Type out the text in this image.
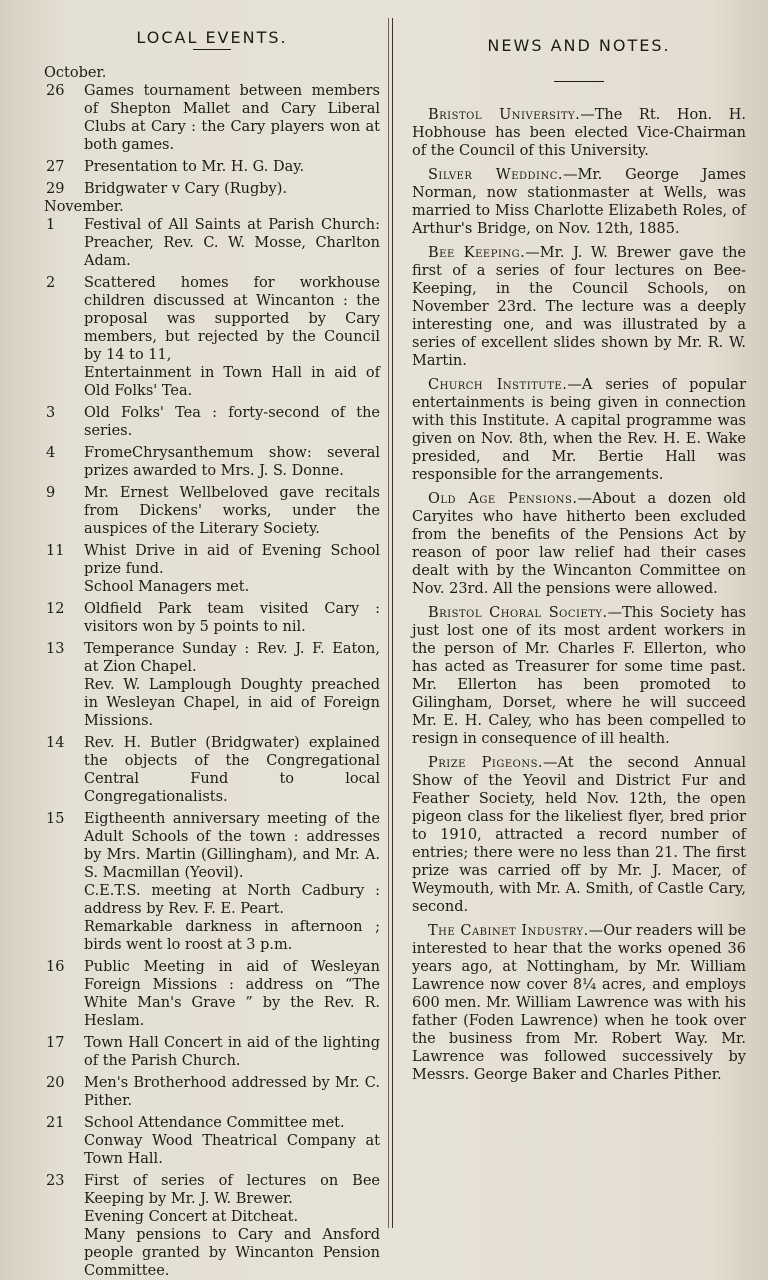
LOCAL EVENTS.
October.
26	Games tournament between members of Shepton Mallet and Cary Liberal Clubs at Cary : the Cary players won at both games.
27	Presentation to Mr. H. G. Day.
29	Bridgwater v Cary (Rugby).
November.
1	Festival of All Saints at Parish Church: Preacher, Rev. C. W. Mosse, Charlton Adam.
2	Scattered homes for workhouse children discussed at Wincanton : the proposal was supported by Cary members, but rejected by the Council by 14 to 11,
Entertainment in Town Hall in aid of Old Folks' Tea.
3	Old Folks' Tea : forty-second of the series.
4	FromeChrysanthemum show: several prizes awarded to Mrs. J. S. Donne.
9	Mr. Ernest Wellbeloved gave recitals from Dickens' works, under the auspices of the Literary Society.
11	Whist Drive in aid of Evening School prize fund.
School Managers met.
12	Oldfield Park team visited Cary : visitors won by 5 points to nil.
13	Temperance Sunday : Rev. J. F. Eaton, at Zion Chapel.
Rev. W. Lamplough Doughty preached in Wesleyan Chapel, in aid of Foreign Missions.
14	Rev. H. Butler (Bridgwater) explained the objects of the Congregational Central Fund to local Congregationalists.
15	Eigtheenth anniversary meeting of the Adult Schools of the town : addresses by Mrs. Martin (Gillingham), and Mr. A. S. Macmillan (Yeovil).
C.E.T.S. meeting at North Cadbury : address by Rev. F. E. Peart.
Remarkable darkness in afternoon ; birds went lo roost at 3 p.m.
16	Public Meeting in aid of Wesleyan Foreign Missions : address on “The White Man's Grave ” by the Rev. R. Heslam.
17	Town Hall Concert in aid of the lighting of the Parish Church.
20	Men's Brotherhood addressed by Mr. C. Pither.
21	School Attendance Committee met.
Conway Wood Theatrical Company at Town Hall.
23	First of series of lectures on Bee Keeping by Mr. J. W. Brewer.
Evening Concert at Ditcheat.
Many pensions to Cary and Ansford people granted by Wincanton Pension Committee.
NEWS AND NOTES.

Bristol University.—The Rt. Hon. H. Hobhouse has been elected Vice-Chairman of the Council of this University.

Silver Weddinc.—Mr. George James Norman, now stationmaster at Wells, was married to Miss Charlotte Elizabeth Roles, of Arthur's Bridge, on Nov. 12th, 1885.

Bee Keeping.—Mr. J. W. Brewer gave the first of a series of four lectures on Bee-Keeping, in the Council Schools, on November 23rd. The lecture was a deeply interesting one, and was illustrated by a series of excellent slides shown by Mr. R. W. Martin.

Church Institute.—A series of popular entertainments is being given in connection with this Institute. A capital programme was given on Nov. 8th, when the Rev. H. E. Wake presided, and Mr. Bertie Hall was responsible for the arrangements.

Old Age Pensions.—About a dozen old Caryites who have hitherto been excluded from the benefits of the Pensions Act by reason of poor law relief had their cases dealt with by the Wincanton Committee on Nov. 23rd. All the pensions were allowed.

Bristol Choral Society.—This Society has just lost one of its most ardent workers in the person of Mr. Charles F. Ellerton, who has acted as Treasurer for some time past. Mr. Ellerton has been promoted to Gilingham, Dorset, where he will succeed Mr. E. H. Caley, who has been compelled to resign in consequence of ill health.

Prize Pigeons.—At the second Annual Show of the Yeovil and District Fur and Feather Society, held Nov. 12th, the open pigeon class for the likeliest flyer, bred prior to 1910, attracted a record number of entries; there were no less than 21. The first prize was carried off by Mr. J. Macer, of Weymouth, with Mr. A. Smith, of Castle Cary, second.

The Cabinet Industry.—Our readers will be interested to hear that the works opened 36 years ago, at Nottingham, by Mr. William Lawrence now cover 8¼ acres, and employs 600 men. Mr. William Lawrence was with his father (Foden Lawrence) when he took over the business from Mr. Robert Way. Mr. Lawrence was followed successively by Messrs. George Baker and Charles Pither.
